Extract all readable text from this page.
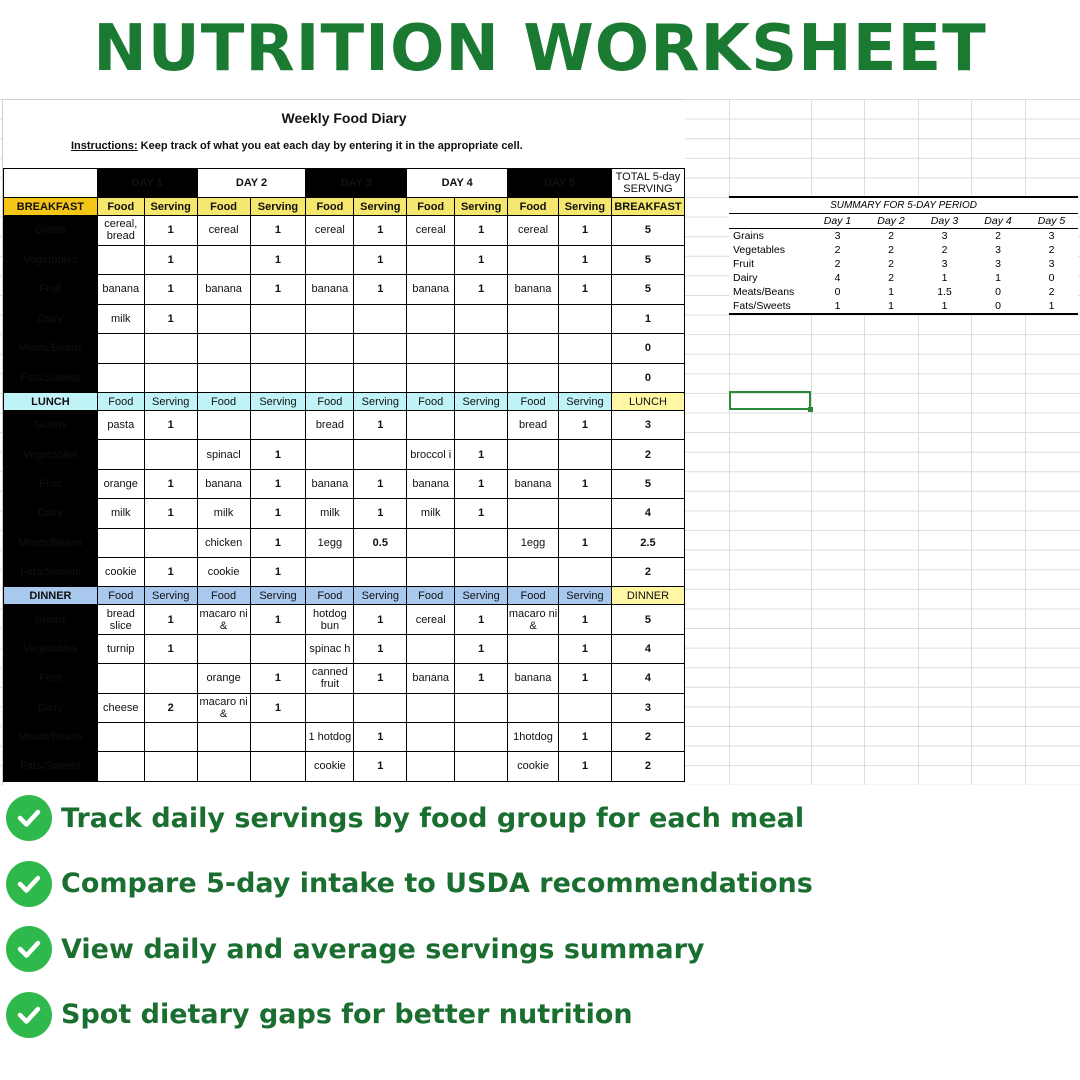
NUTRITION WORKSHEET
Weekly Food Diary
Instructions: Keep track of what you eat each day by entering it in the appropriate cell.
	DAY 1		DAY 2		DAY 3		DAY 4		DAY 5		TOTAL 5-day SERVING
BREAKFAST	Food	Serving	Food	Serving	Food	Serving	Food	Serving	Food	Serving	BREAKFAST
Grains	cereal, bread	1	cereal	1	cereal	1	cereal	1	cereal	1	5
Vegetables		1		1		1		1		1	5
Fruit	banana	1	banana	1	banana	1	banana	1	banana	1	5
Dairy	milk	1									1
Meats/Beans											0
Fats/Sweets											0
LUNCH	Food	Serving	Food	Serving	Food	Serving	Food	Serving	Food	Serving	LUNCH
Grains	pasta	1			bread	1			bread	1	3
Vegetables			spinacl	1			broccol i	1			2
Fruit	orange	1	banana	1	banana	1	banana	1	banana	1	5
Dairy	milk	1	milk	1	milk	1	milk	1			4
Meats/Beans			chicken	1	1egg	0.5			1egg	1	2.5
Fats/Sweets	cookie	1	cookie	1							2
DINNER	Food	Serving	Food	Serving	Food	Serving	Food	Serving	Food	Serving	DINNER
Grains	bread slice	1	macaro ni &	1	hotdog bun	1	cereal	1	macaro ni &	1	5
Vegetables	turnip	1			spinac h	1		1		1	4
Fruit			orange	1	canned fruit	1	banana	1	banana	1	4
Dairy	cheese	2	macaro ni &	1							3
Meats/Beans					1 hotdog	1			1hotdog	1	2
Fats/Sweets					cookie	1			cookie	1	2
SUMMARY FOR 5-DAY PERIOD
	Day 1	Day 2	Day 3	Day 4	Day 5
Grains	3	2	3	2	3
Vegetables	2	2	2	3	2
Fruit	2	2	3	3	3
Dairy	4	2	1	1	0
Meats/Beans	0	1	1.5	0	2
Fats/Sweets	1	1	1	0	1
Track daily servings by food group for each meal
Compare 5-day intake to USDA recommendations
View daily and average servings summary
Spot dietary gaps for better nutrition
